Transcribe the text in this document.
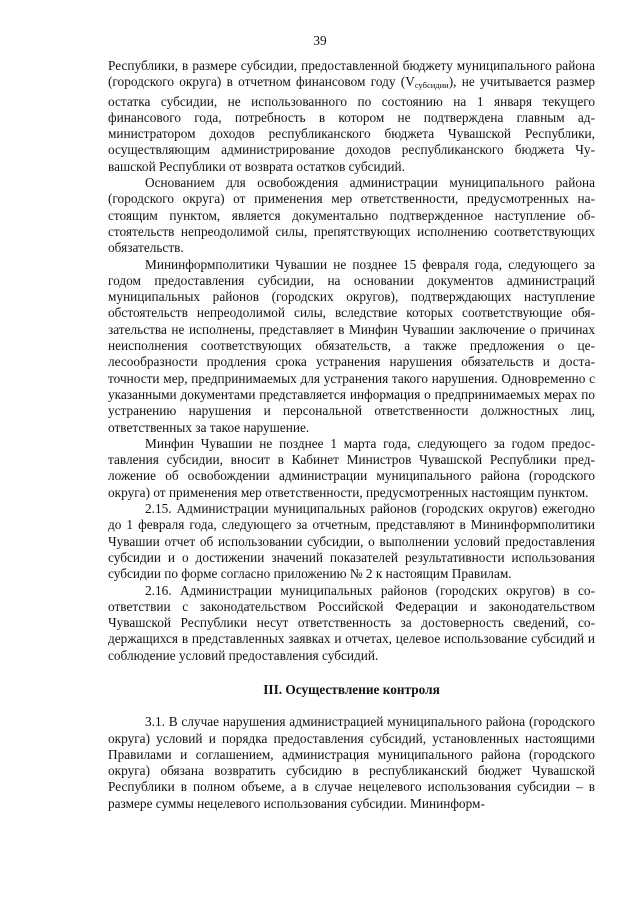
39

Республики, в размере субсидии, предоставленной бюджету муниципального района (городского округа) в отчетном финансовом году $(V_{субсидии})$, не учитывается размер остатка субсидии, не использованного по состоянию на 1 января текущего финансового года, потребность в котором не подтверждена главным администратором доходов республиканского бюджета Чувашской Республики, осуществляющим администрирование доходов республиканского бюджета Чувашской Республики от возврата остатков субсидий.

Основанием для освобождения администрации муниципального района (городского округа) от применения мер ответственности, предусмотренных настоящим пунктом, является документально подтвержденное наступление обстоятельств непреодолимой силы, препятствующих исполнению соответствующих обязательств.

Мининформполитики Чувашии не позднее 15 февраля года, следующего за годом предоставления субсидии, на основании документов администраций муниципальных районов (городских округов), подтверждающих наступление обстоятельств непреодолимой силы, вследствие которых соответствующие обязательства не исполнены, представляет в Минфин Чувашии заключение о причинах неисполнения соответствующих обязательств, а также предложения о целесообразности продления срока устранения нарушения обязательств и достаточности мер, предпринимаемых для устранения такого нарушения. Одновременно с указанными документами представляется информация о предпринимаемых мерах по устранению нарушения и персональной ответственности должностных лиц, ответственных за такое нарушение.

Минфин Чувашии не позднее 1 марта года, следующего за годом предоставления субсидии, вносит в Кабинет Министров Чувашской Республики предложение об освобождении администрации муниципального района (городского округа) от применения мер ответственности, предусмотренных настоящим пунктом.

2.15. Администрации муниципальных районов (городских округов) ежегодно до 1 февраля года, следующего за отчетным, представляют в Мининформполитики Чувашии отчет об использовании субсидии, о выполнении условий предоставления субсидии и о достижении значений показателей результативности использования субсидии по форме согласно приложению № 2 к настоящим Правилам.

2.16. Администрации муниципальных районов (городских округов) в соответствии с законодательством Российской Федерации и законодательством Чувашской Республики несут ответственность за достоверность сведений, содержащихся в представленных заявках и отчетах, целевое использование субсидий и соблюдение условий предоставления субсидий.

III. Осуществление контроля

3.1. В случае нарушения администрацией муниципального района (городского округа) условий и порядка предоставления субсидий, установленных настоящими Правилами и соглашением, администрация муниципального района (городского округа) обязана возвратить субсидию в республиканский бюджет Чувашской Республики в полном объеме, а в случае нецелевого использования субсидии – в размере суммы нецелевого использования субсидии. Мининформ-
